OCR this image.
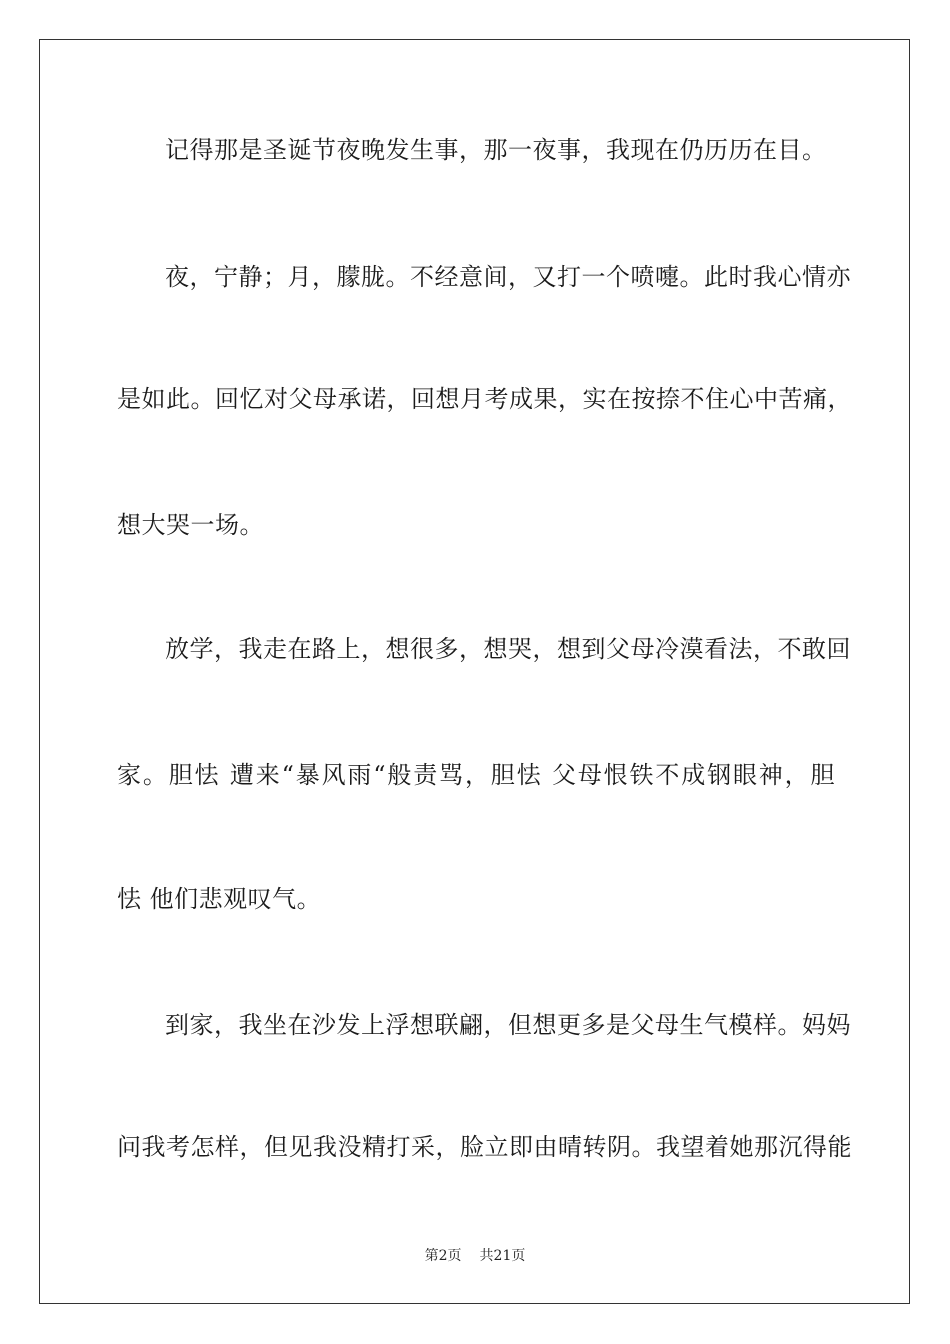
记得那是圣诞节夜晚发生事，那一夜事，我现在仍历历在目。
夜，宁静；月，朦胧。不经意间，又打一个喷嚏。此时我心情亦
是如此。回忆对父母承诺，回想月考成果，实在按捺不住心中苦痛，
想大哭一场。
放学，我走在路上，想很多，想哭，想到父母冷漠看法，不敢回
家。胆怯 遭来“暴风雨“般责骂，胆怯 父母恨铁不成钢眼神，胆
怯 他们悲观叹气。
到家，我坐在沙发上浮想联翩，但想更多是父母生气模样。妈妈
问我考怎样，但见我没精打采，脸立即由晴转阴。我望着她那沉得能
第2页 共21页
